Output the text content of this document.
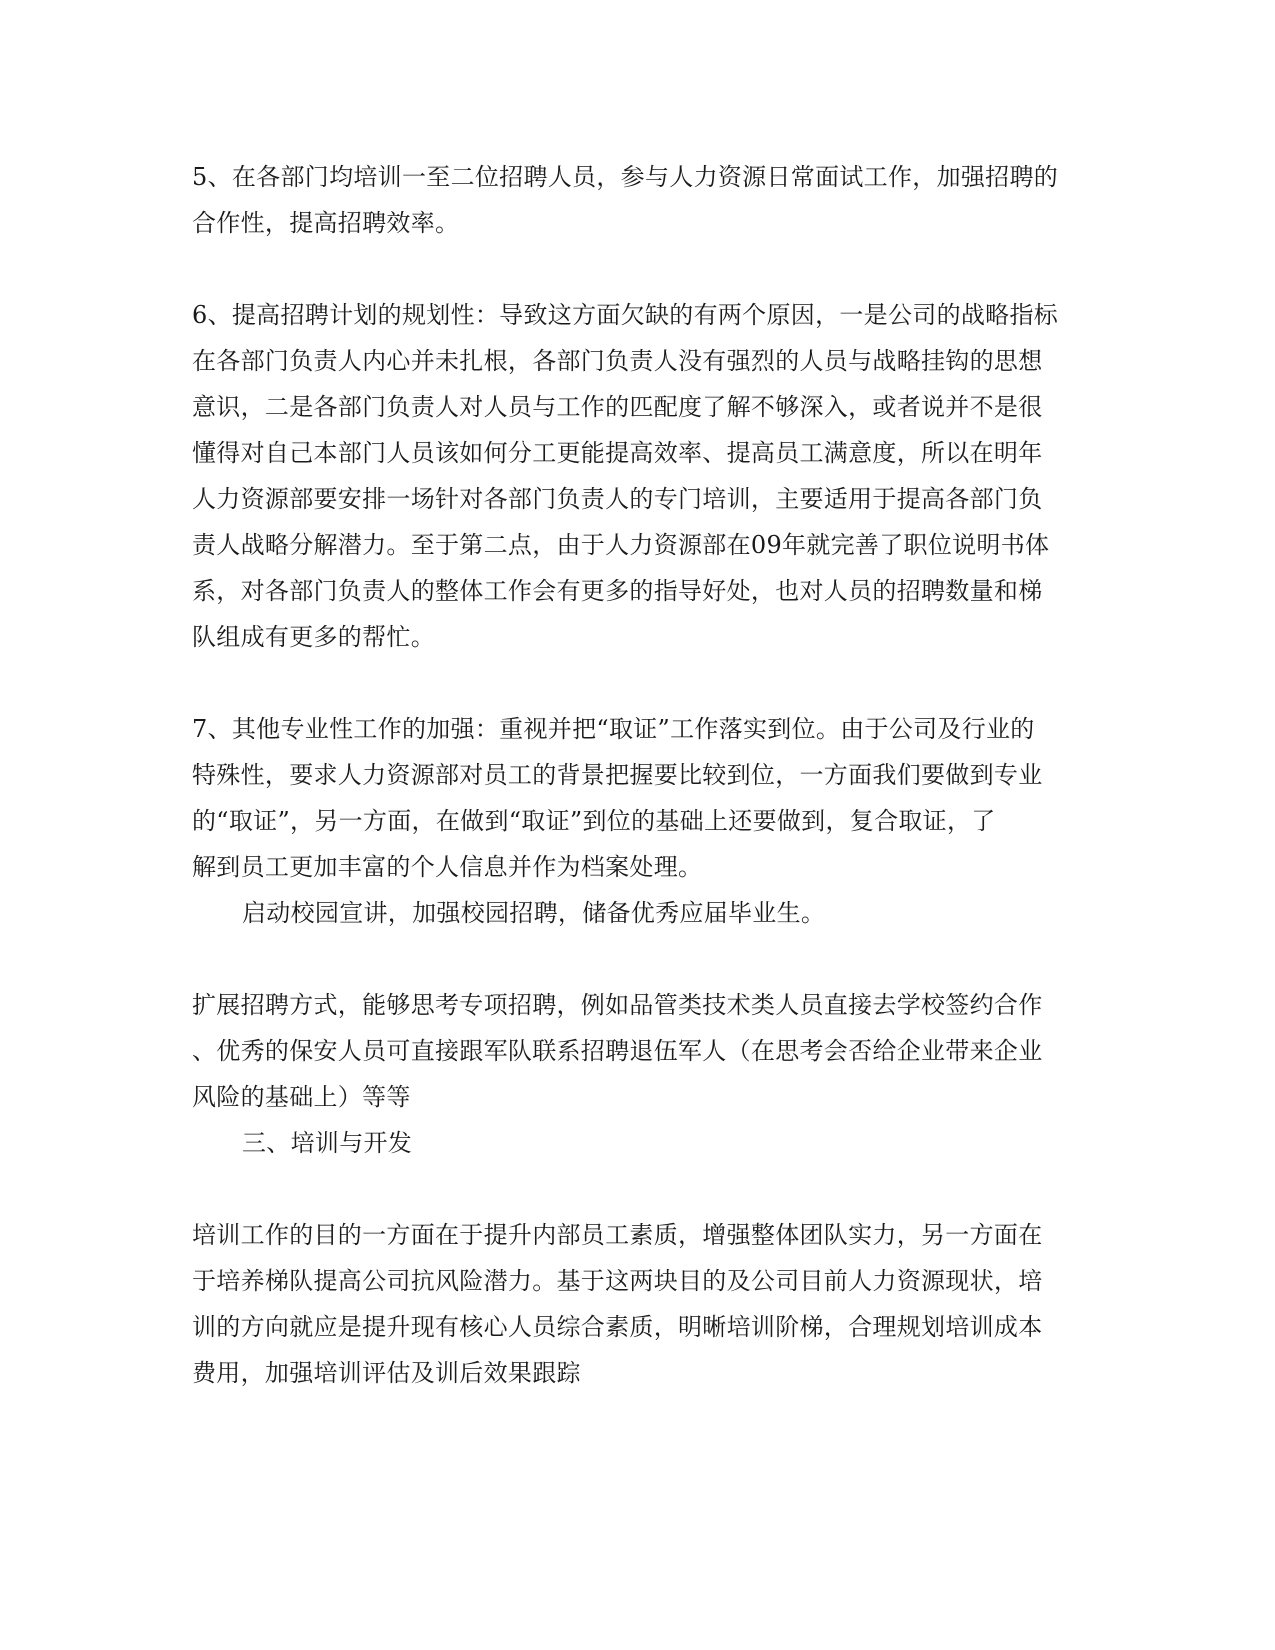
5、在各部门均培训一至二位招聘人员，参与人力资源日常面试工作，加强招聘的
合作性，提高招聘效率。
6、提高招聘计划的规划性：导致这方面欠缺的有两个原因，一是公司的战略指标
在各部门负责人内心并未扎根，各部门负责人没有强烈的人员与战略挂钩的思想
意识，二是各部门负责人对人员与工作的匹配度了解不够深入，或者说并不是很
懂得对自己本部门人员该如何分工更能提高效率、提高员工满意度，所以在明年
人力资源部要安排一场针对各部门负责人的专门培训，主要适用于提高各部门负
责人战略分解潜力。至于第二点，由于人力资源部在09年就完善了职位说明书体
系，对各部门负责人的整体工作会有更多的指导好处，也对人员的招聘数量和梯
队组成有更多的帮忙。
7、其他专业性工作的加强：重视并把“取证”工作落实到位。由于公司及行业的
特殊性，要求人力资源部对员工的背景把握要比较到位，一方面我们要做到专业
的“取证”，另一方面，在做到“取证”到位的基础上还要做到，复合取证，了
解到员工更加丰富的个人信息并作为档案处理。
启动校园宣讲，加强校园招聘，储备优秀应届毕业生。
扩展招聘方式，能够思考专项招聘，例如品管类技术类人员直接去学校签约合作
、优秀的保安人员可直接跟军队联系招聘退伍军人（在思考会否给企业带来企业
风险的基础上）等等
三、培训与开发
培训工作的目的一方面在于提升内部员工素质，增强整体团队实力，另一方面在
于培养梯队提高公司抗风险潜力。基于这两块目的及公司目前人力资源现状，培
训的方向就应是提升现有核心人员综合素质，明晰培训阶梯，合理规划培训成本
费用，加强培训评估及训后效果跟踪
